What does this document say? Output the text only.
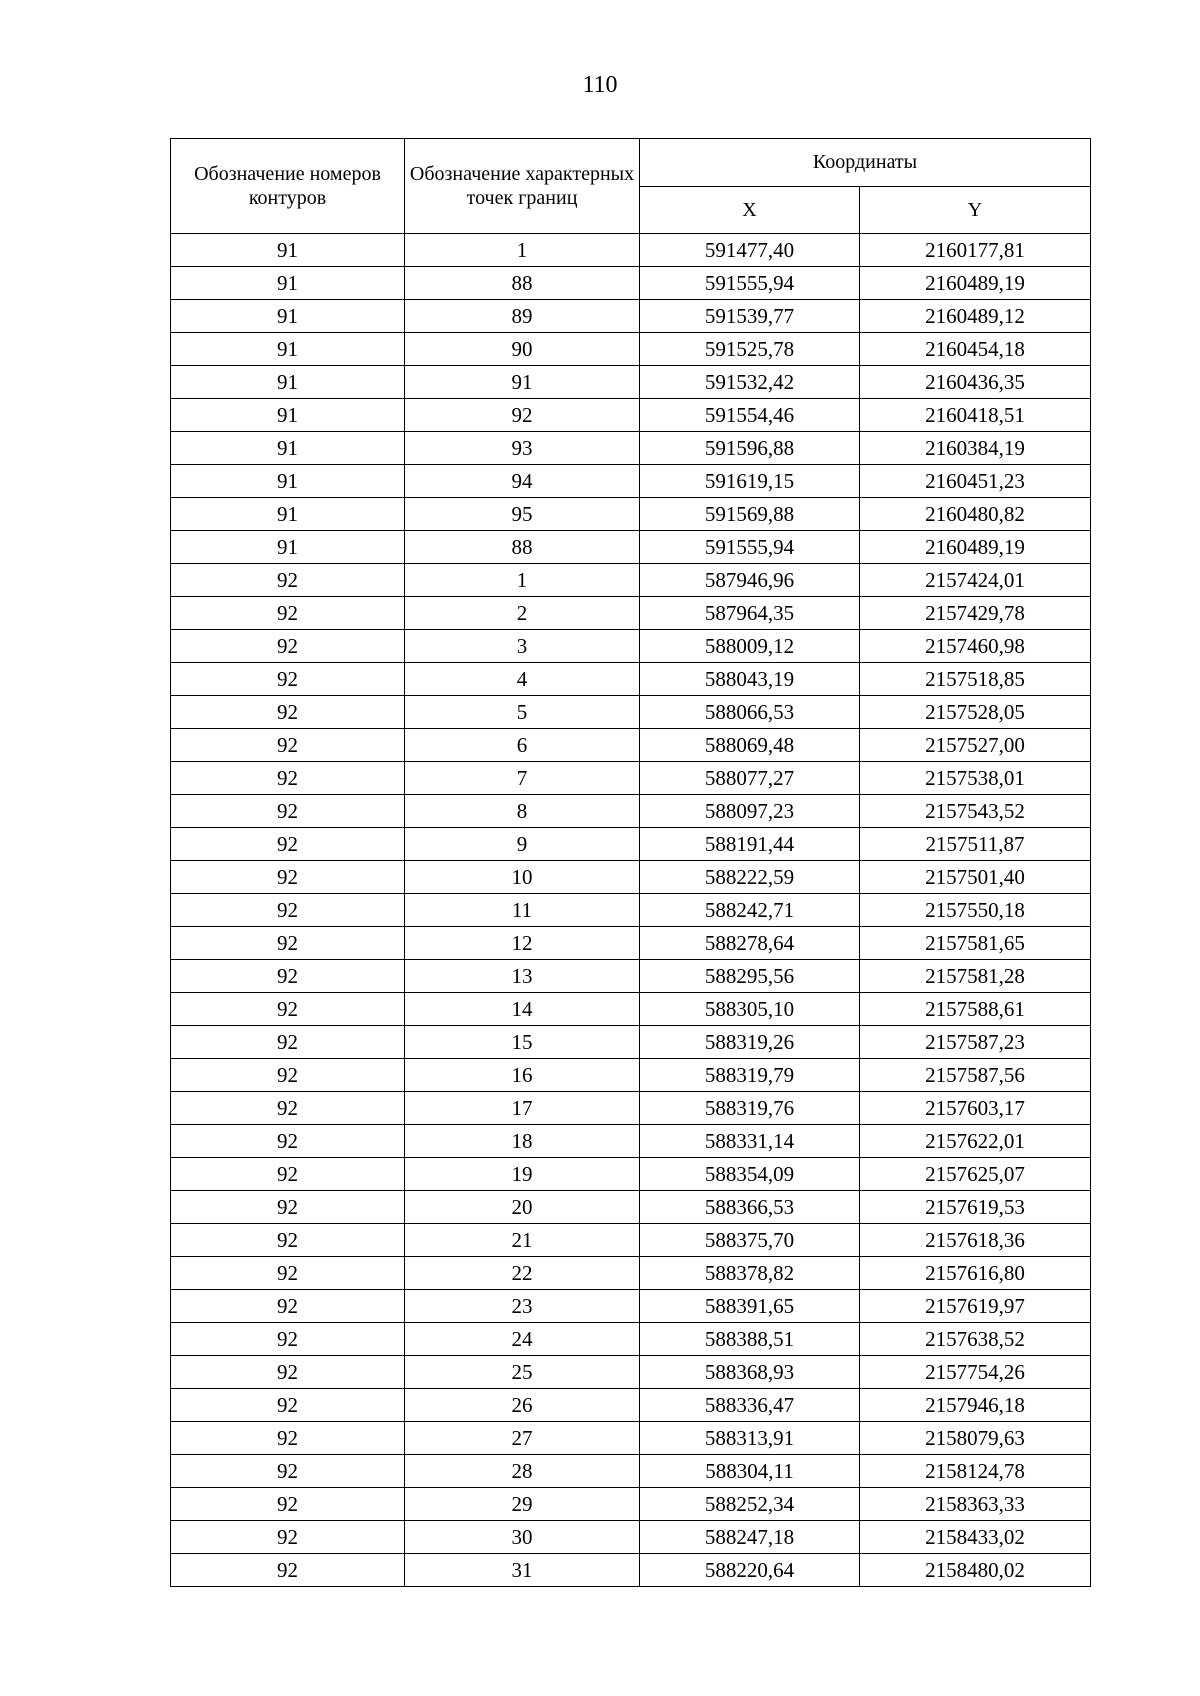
110
Обозначение номеров контуров	Обозначение характерных точек границ	Координаты	
		X	Y
91	1	591477,40	2160177,81
91	88	591555,94	2160489,19
91	89	591539,77	2160489,12
91	90	591525,78	2160454,18
91	91	591532,42	2160436,35
91	92	591554,46	2160418,51
91	93	591596,88	2160384,19
91	94	591619,15	2160451,23
91	95	591569,88	2160480,82
91	88	591555,94	2160489,19
92	1	587946,96	2157424,01
92	2	587964,35	2157429,78
92	3	588009,12	2157460,98
92	4	588043,19	2157518,85
92	5	588066,53	2157528,05
92	6	588069,48	2157527,00
92	7	588077,27	2157538,01
92	8	588097,23	2157543,52
92	9	588191,44	2157511,87
92	10	588222,59	2157501,40
92	11	588242,71	2157550,18
92	12	588278,64	2157581,65
92	13	588295,56	2157581,28
92	14	588305,10	2157588,61
92	15	588319,26	2157587,23
92	16	588319,79	2157587,56
92	17	588319,76	2157603,17
92	18	588331,14	2157622,01
92	19	588354,09	2157625,07
92	20	588366,53	2157619,53
92	21	588375,70	2157618,36
92	22	588378,82	2157616,80
92	23	588391,65	2157619,97
92	24	588388,51	2157638,52
92	25	588368,93	2157754,26
92	26	588336,47	2157946,18
92	27	588313,91	2158079,63
92	28	588304,11	2158124,78
92	29	588252,34	2158363,33
92	30	588247,18	2158433,02
92	31	588220,64	2158480,02
